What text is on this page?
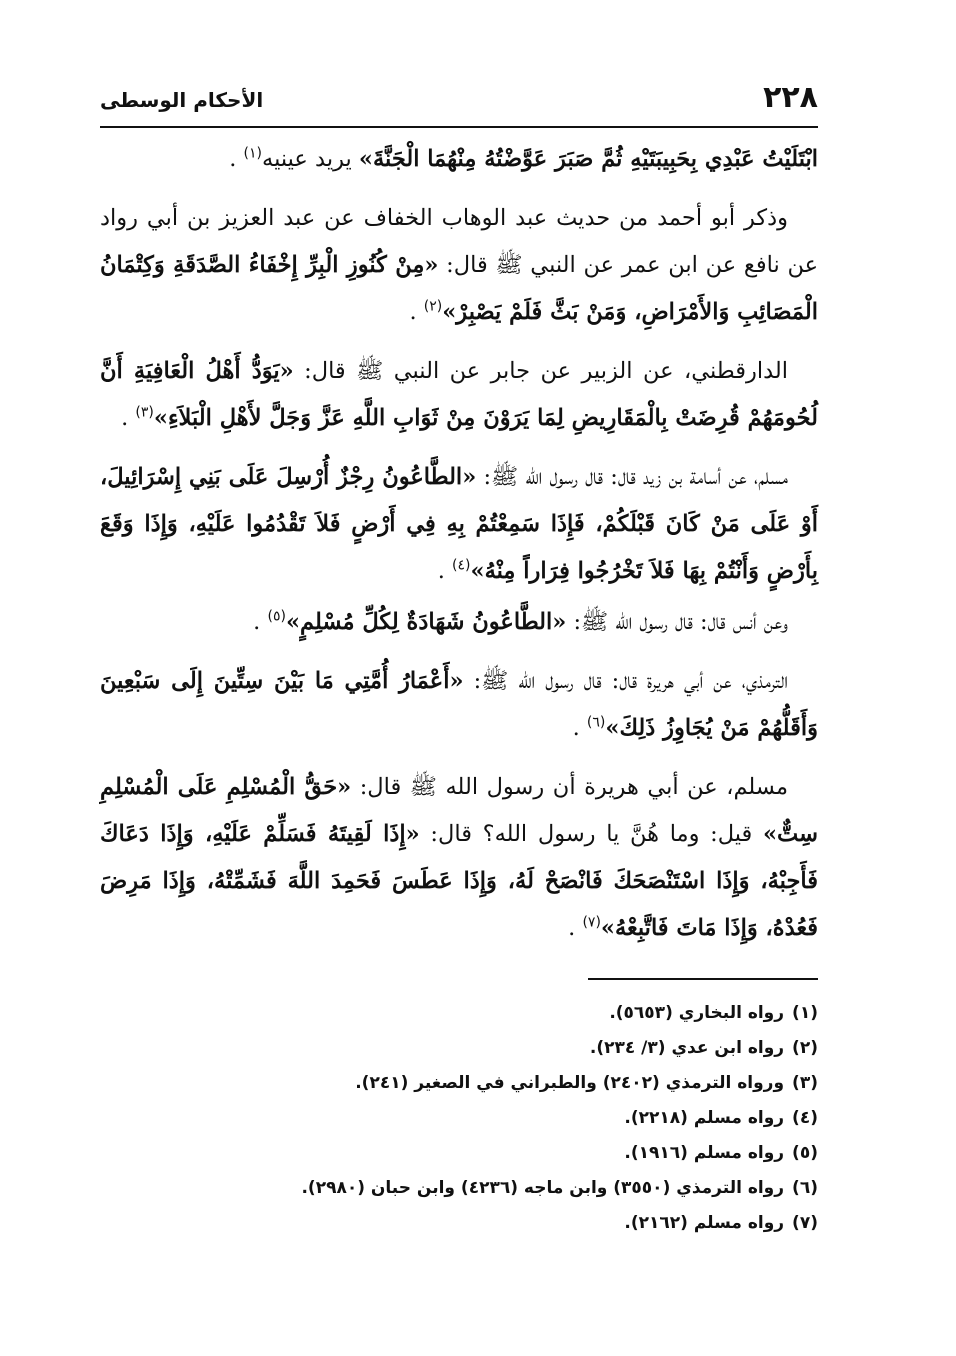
٢٢٨
الأحكام الوسطى

ابْتَلَيْتُ عَبْدِي بِحَبِيبَتَيْهِ ثُمَّ صَبَرَ عَوَّضْتُهُ مِنْهُمَا الْجَنَّةَ» يريد عينيه$^{(١)}$ .

وذكر أبو أحمد من حديث عبد الوهاب الخفاف عن عبد العزيز بن أبي رواد عن نافع عن ابن عمر عن النبي ﷺ قال: «مِنْ كُنُوزِ الْبِرِّ إِخْفَاءُ الصَّدَقَةِ وَكِتْمَانُ الْمَصَائِبِ وَالأَمْرَاضِ، وَمَنْ بَثَّ فَلَمْ يَصْبِرْ»$^{(٢)}$ .

الدارقطني، عن الزبير عن جابر عن النبي ﷺ قال: «يَوَدُّ أَهْلُ الْعَافِيَةِ أَنَّ لُحُومَهُمْ قُرِضَتْ بِالْمَقَارِيضِ لِمَا يَرَوْنَ مِنْ ثَوَابِ اللَّهِ عَزَّ وَجَلَّ لأَهْلِ الْبَلاَءِ»$^{(٣)}$ .

مسلم، عن أسامة بن زيد قال: قال رسول الله ﷺ: «الطَّاعُونُ رِجْزٌ أُرْسِلَ عَلَى بَنِي إِسْرَائِيلَ، أَوْ عَلَى مَنْ كَانَ قَبْلَكُمْ، فَإِذَا سَمِعْتُمْ بِهِ فِي أَرْضٍ فَلاَ تَقْدُمُوا عَلَيْهِ، وَإِذَا وَقَعَ بِأَرْضٍ وَأَنْتُمْ بِهَا فَلاَ تَخْرُجُوا فِرَاراً مِنْهُ»$^{(٤)}$ .

وعن أنس قال: قال رسول الله ﷺ: «الطَّاعُونُ شَهَادَةٌ لِكُلِّ مُسْلِمٍ»$^{(٥)}$ .

الترمذي، عن أبي هريرة قال: قال رسول الله ﷺ: «أَعْمَارُ أُمَّتِي مَا بَيْنَ سِتِّينَ إِلَى سَبْعِينَ وَأَقَلُّهُمْ مَنْ يُجَاوِزُ ذَلِكَ»$^{(٦)}$ .

مسلم، عن أبي هريرة أن رسول الله ﷺ قال: «حَقُّ الْمُسْلِمِ عَلَى الْمُسْلِمِ سِتٌّ» قيل: وما هُنَّ يا رسول الله؟ قال: «إِذَا لَقِيتَهُ فَسَلِّمْ عَلَيْهِ، وَإِذَا دَعَاكَ فَأَجِبْهُ، وَإِذَا اسْتَنْصَحَكَ فَانْصَحْ لَهُ، وَإِذَا عَطَسَ فَحَمِدَ اللَّهَ فَشَمِّتْهُ، وَإِذَا مَرِضَ فَعُدْهُ، وَإِذَا مَاتَ فَاتَّبِعْهُ»$^{(٧)}$ .

(١)رواه البخاري (٥٦٥٣).
(٢)رواه ابن عدي (٣/ ٢٣٤).
(٣)ورواه الترمذي (٢٤٠٢) والطبراني في الصغير (٢٤١).
(٤)رواه مسلم (٢٢١٨).
(٥)رواه مسلم (١٩١٦).
(٦)رواه الترمذي (٣٥٥٠) وابن ماجه (٤٢٣٦) وابن حبان (٢٩٨٠).
(٧)رواه مسلم (٢١٦٢).
